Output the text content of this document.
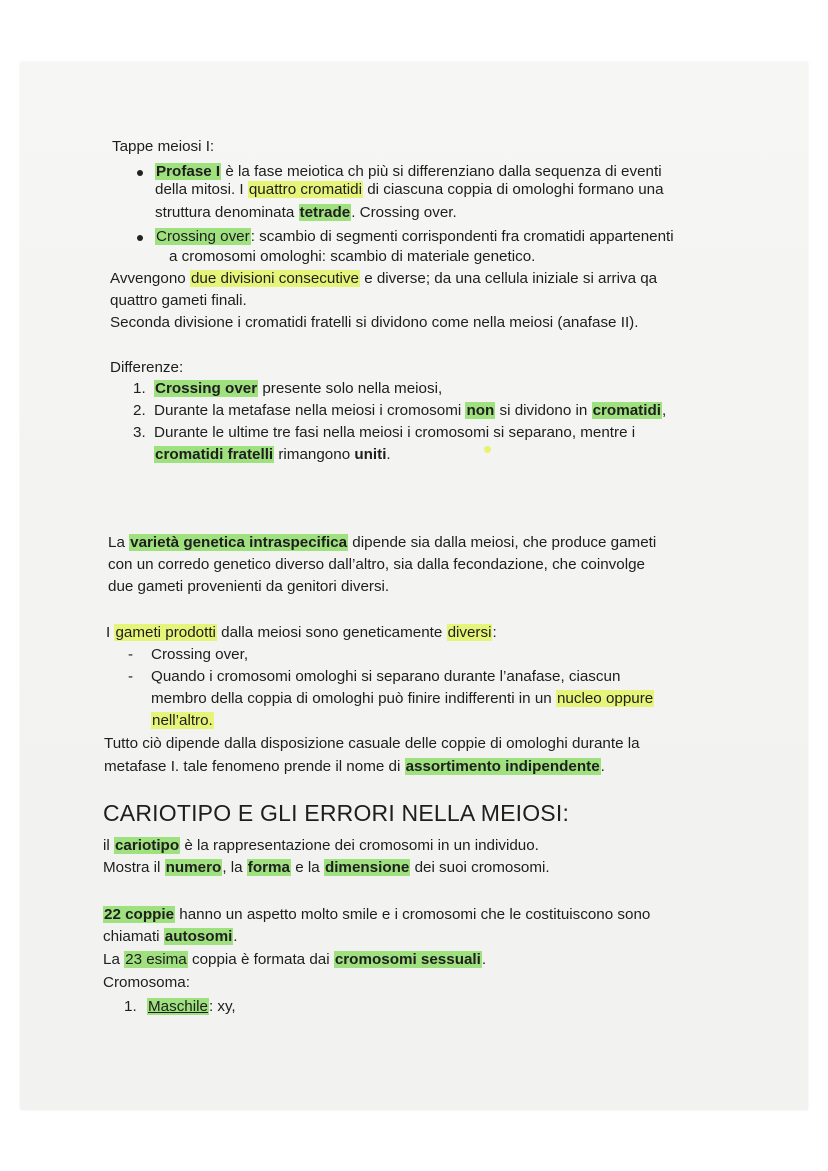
Tappe meiosi I:
Profase I è la fase meiotica ch più si differenziano dalla sequenza di eventi
della mitosi. I quattro cromatidi di ciascuna coppia di omologhi formano una
struttura denominata tetrade. Crossing over.
Crossing over: scambio di segmenti corrispondenti fra cromatidi appartenenti
a cromosomi omologhi: scambio di materiale genetico.
Avvengono due divisioni consecutive e diverse; da una cellula iniziale si arriva qa
quattro gameti finali.
Seconda divisione i cromatidi fratelli si dividono come nella meiosi (anafase II).
Differenze:
1. Crossing over presente solo nella meiosi,
2. Durante la metafase nella meiosi i cromosomi non si dividono in cromatidi,
3. Durante le ultime tre fasi nella meiosi i cromosomi si separano, mentre i
cromatidi fratelli rimangono uniti.
La varietà genetica intraspecifica dipende sia dalla meiosi, che produce gameti
con un corredo genetico diverso dall’altro, sia dalla fecondazione, che coinvolge
due gameti provenienti da genitori diversi.
I gameti prodotti dalla meiosi sono geneticamente diversi:
- Crossing over,
- Quando i cromosomi omologhi si separano durante l’anafase, ciascun
membro della coppia di omologhi può finire indifferenti in un nucleo oppure
nell’altro.
Tutto ciò dipende dalla disposizione casuale delle coppie di omologhi durante la
metafase I. tale fenomeno prende il nome di assortimento indipendente.
CARIOTIPO E GLI ERRORI NELLA MEIOSI:
il cariotipo è la rappresentazione dei cromosomi in un individuo.
Mostra il numero, la forma e la dimensione dei suoi cromosomi.
22 coppie hanno un aspetto molto smile e i cromosomi che le costituiscono sono
chiamati autosomi.
La 23 esima coppia è formata dai cromosomi sessuali.
Cromosoma:
1. Maschile: xy,
